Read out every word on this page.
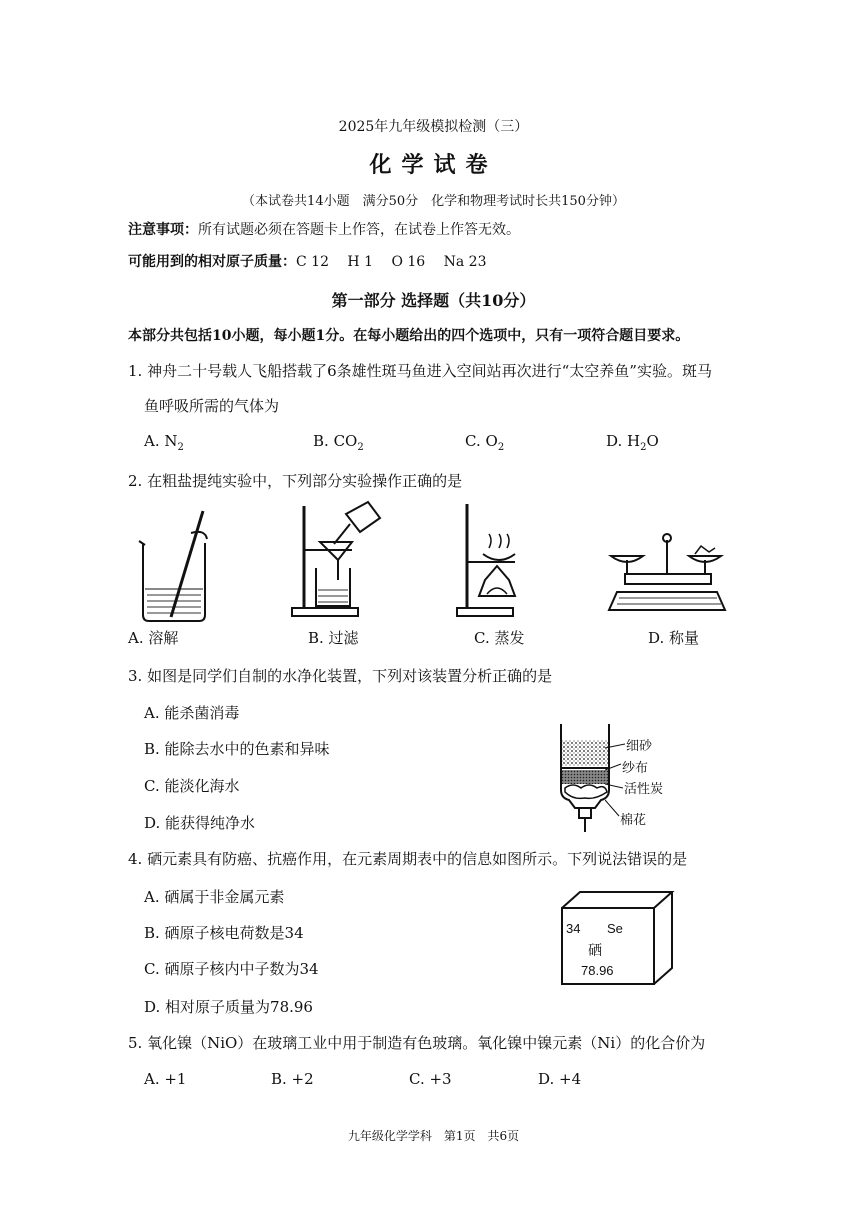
2025年九年级模拟检测（三）
化学试卷
（本试卷共14小题　满分50分　化学和物理考试时长共150分钟）
注意事项：所有试题必须在答题卡上作答，在试卷上作答无效。
可能用到的相对原子质量：C 12　 H 1　 O 16　 Na 23
第一部分 选择题（共10分）
本部分共包括10小题，每小题1分。在每小题给出的四个选项中，只有一项符合题目要求。
1. 神舟二十号载人飞船搭载了6条雄性斑马鱼进入空间站再次进行“太空养鱼”实验。斑马
鱼呼吸所需的气体为
A. $N_2$	B. $CO_2$	C. $O_2$	D. $H_2O$
2. 在粗盐提纯实验中，下列部分实验操作正确的是
A. 溶解	B. 过滤	C. 蒸发	D. 称量
3. 如图是同学们自制的水净化装置，下列对该装置分析正确的是
A. 能杀菌消毒
B. 能除去水中的色素和异味
C. 能淡化海水
D. 能获得纯净水
细砂
纱布
活性炭
棉花
4. 硒元素具有防癌、抗癌作用，在元素周期表中的信息如图所示。下列说法错误的是
A. 硒属于非金属元素
B. 硒原子核电荷数是34
C. 硒原子核内中子数为34
D. 相对原子质量为78.96
34 Se
硒
78.96
5. 氧化镍（NiO）在玻璃工业中用于制造有色玻璃。氧化镍中镍元素（Ni）的化合价为
A. +1	B. +2	C. +3	D. +4
九年级化学学科　第1页　共6页
